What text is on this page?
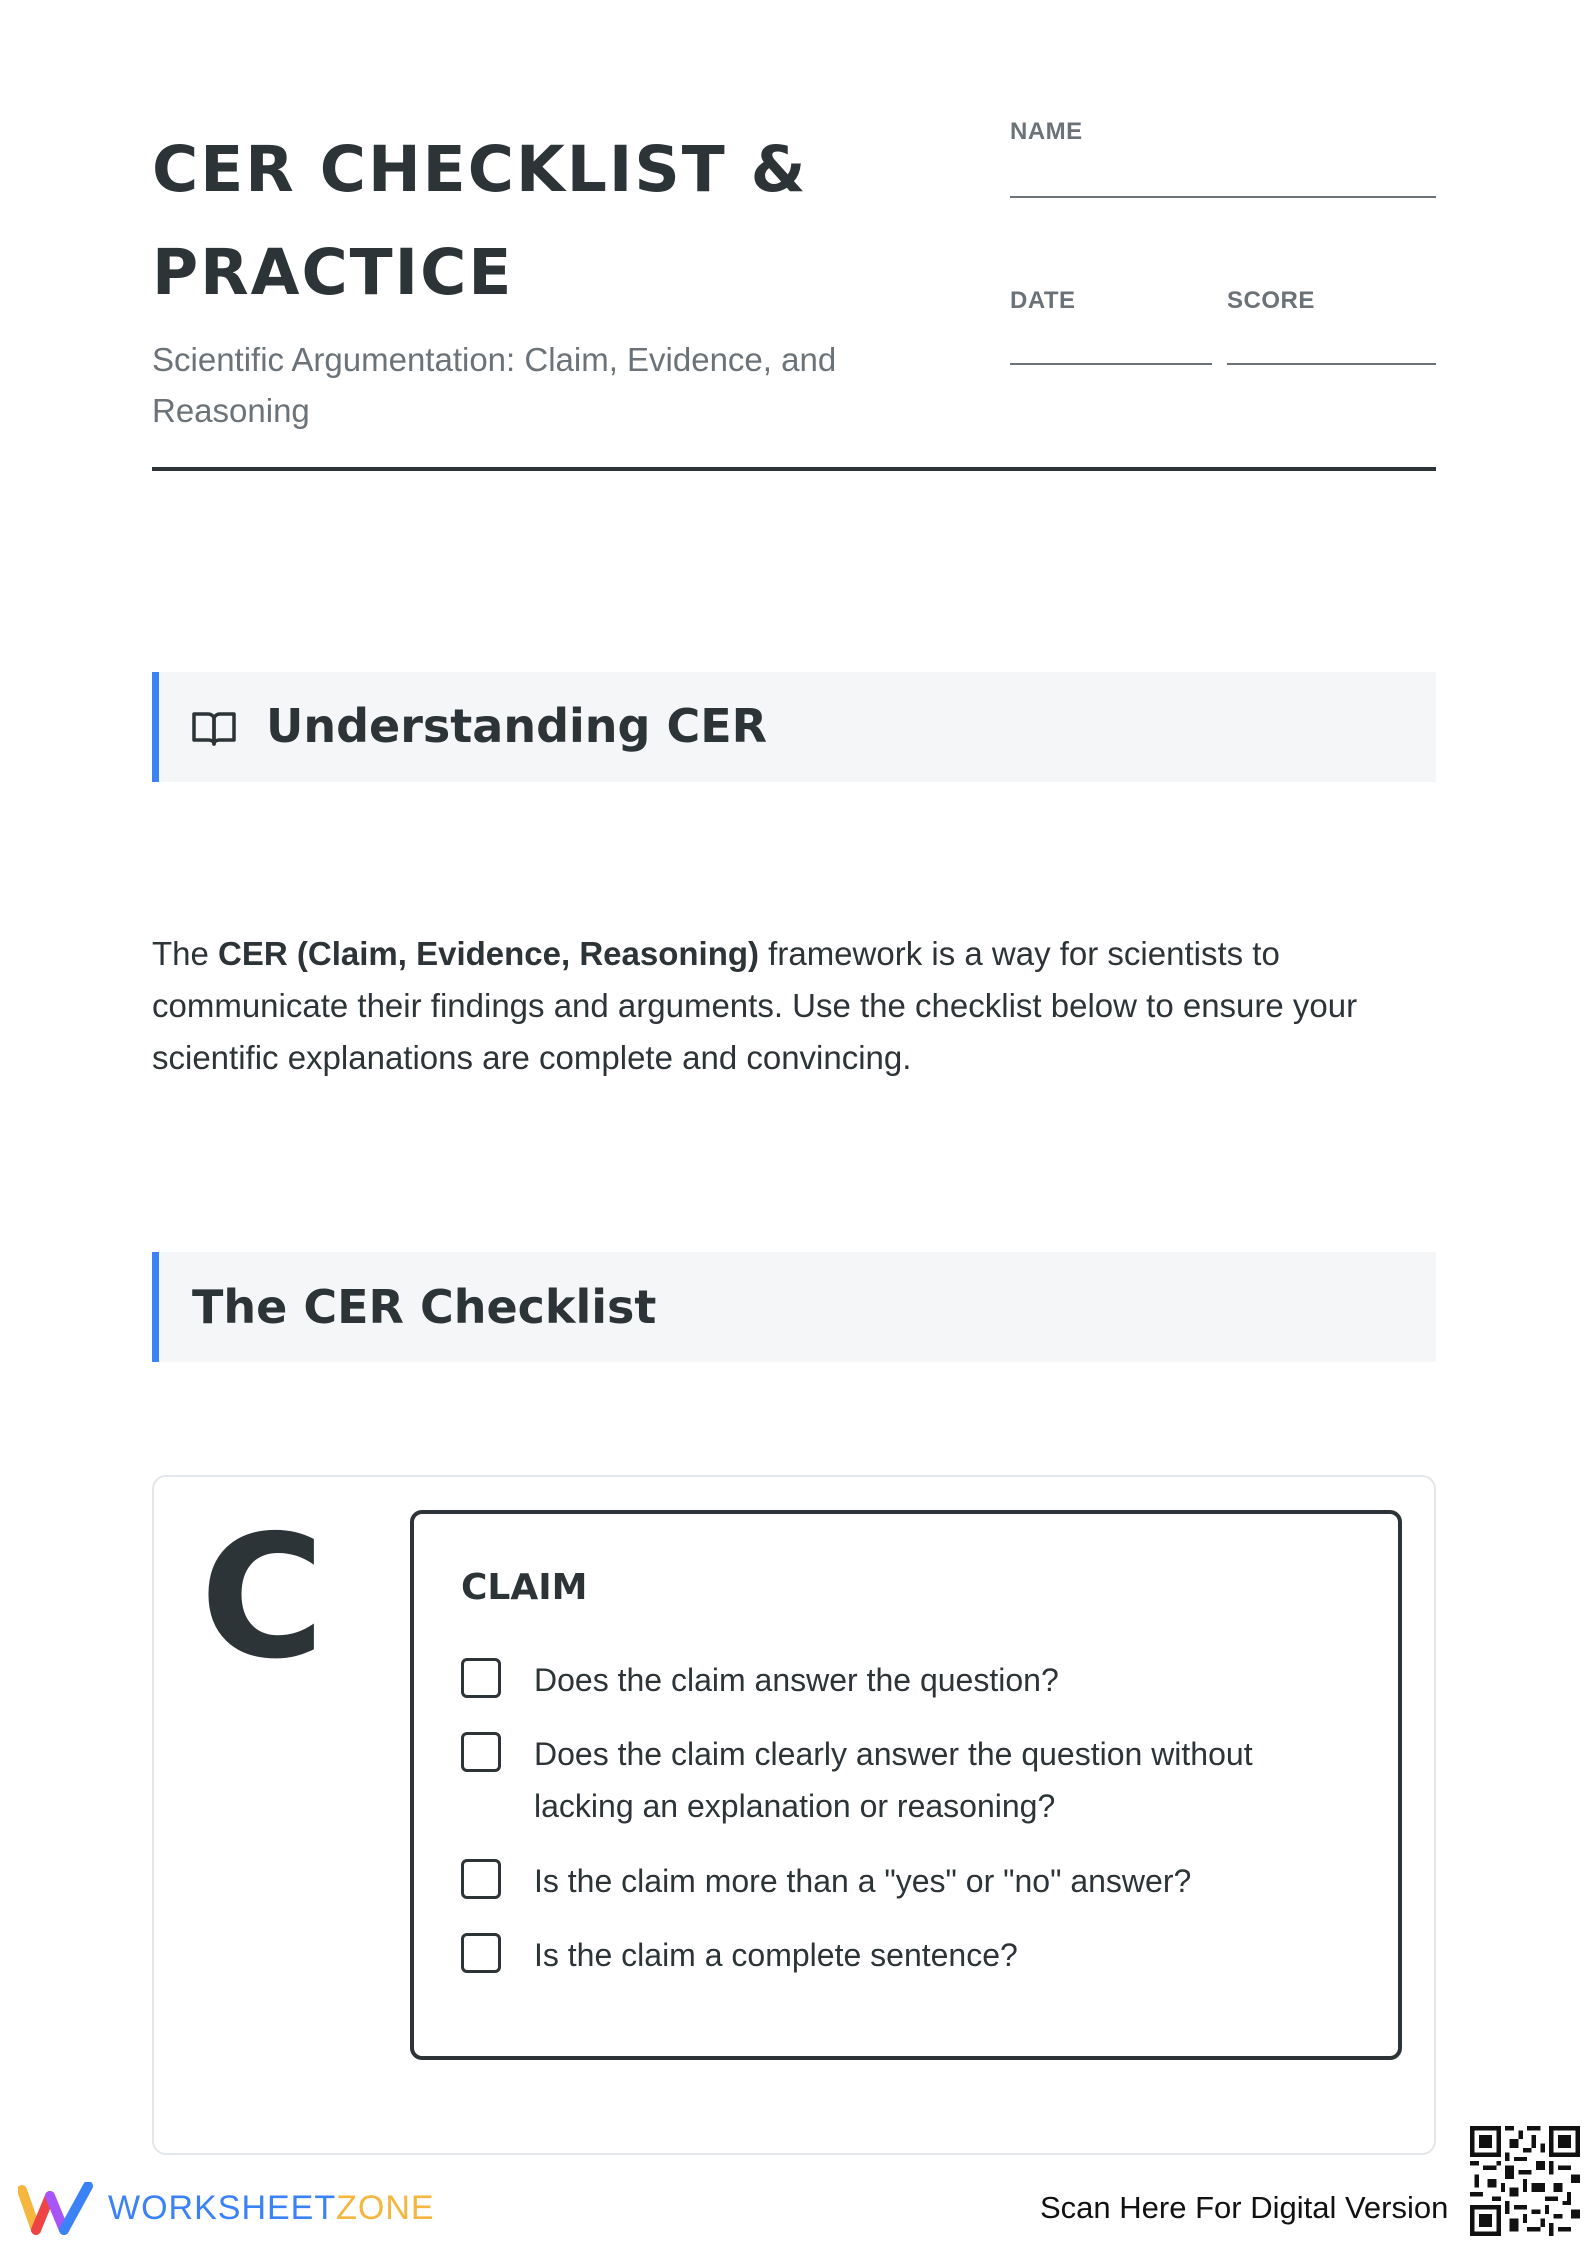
CER CHECKLIST &
PRACTICE

Scientific Argumentation: Claim, Evidence, and
Reasoning

NAME
DATE	SCORE
Understanding CER

The CER (Claim, Evidence, Reasoning) framework is a way for scientists to communicate their findings and arguments. Use the checklist below to ensure your scientific explanations are complete and convincing.

The CER Checklist
C	CLAIM
Does the claim answer the question?
Does the claim clearly answer the question without lacking an explanation or reasoning?
Is the claim more than a "yes" or "no" answer?
Is the claim a complete sentence?
WORKSHEETZONE	Scan Here For Digital Version
